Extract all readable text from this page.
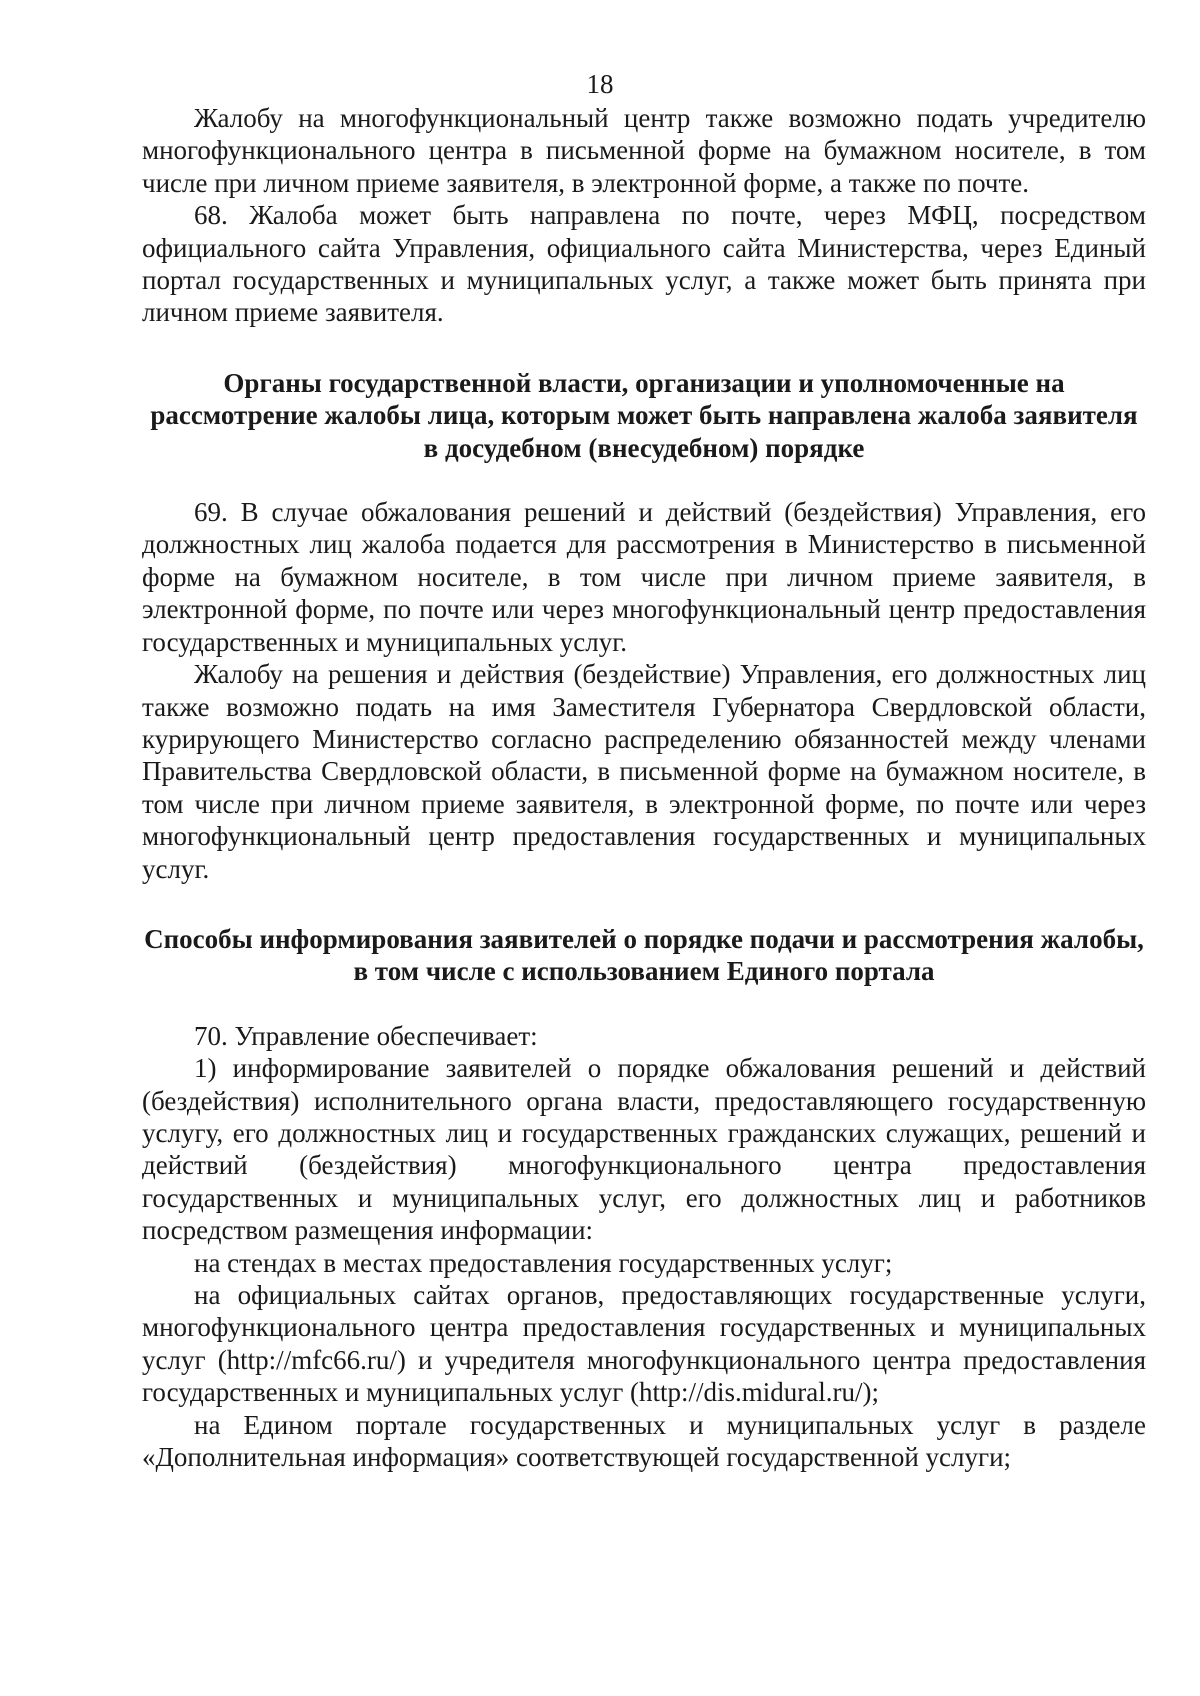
18

Жалобу на многофункциональный центр также возможно подать учредителю многофункционального центра в письменной форме на бумажном носителе, в том числе при личном приеме заявителя, в электронной форме, а также по почте.

68. Жалоба может быть направлена по почте, через МФЦ, посредством официального сайта Управления, официального сайта Министерства, через Единый портал государственных и муниципальных услуг, а также может быть принята при личном приеме заявителя.

Органы государственной власти, организации и уполномоченные на рассмотрение жалобы лица, которым может быть направлена жалоба заявителя в досудебном (внесудебном) порядке

69. В случае обжалования решений и действий (бездействия) Управления, его должностных лиц жалоба подается для рассмотрения в Министерство в письменной форме на бумажном носителе, в том числе при личном приеме заявителя, в электронной форме, по почте или через многофункциональный центр предоставления государственных и муниципальных услуг.

Жалобу на решения и действия (бездействие) Управления, его должностных лиц также возможно подать на имя Заместителя Губернатора Свердловской области, курирующего Министерство согласно распределению обязанностей между членами Правительства Свердловской области, в письменной форме на бумажном носителе, в том числе при личном приеме заявителя, в электронной форме, по почте или через многофункциональный центр предоставления государственных и муниципальных услуг.

Способы информирования заявителей о порядке подачи и рассмотрения жалобы, в том числе с использованием Единого портала

70. Управление обеспечивает:

1) информирование заявителей о порядке обжалования решений и действий (бездействия) исполнительного органа власти, предоставляющего государственную услугу, его должностных лиц и государственных гражданских служащих, решений и действий (бездействия) многофункционального центра предоставления государственных и муниципальных услуг, его должностных лиц и работников посредством размещения информации:

на стендах в местах предоставления государственных услуг;

на официальных сайтах органов, предоставляющих государственные услуги, многофункционального центра предоставления государственных и муниципальных услуг (http://mfc66.ru/) и учредителя многофункционального центра предоставления государственных и муниципальных услуг (http://dis.midural.ru/);

на Едином портале государственных и муниципальных услуг в разделе «Дополнительная информация» соответствующей государственной услуги;
